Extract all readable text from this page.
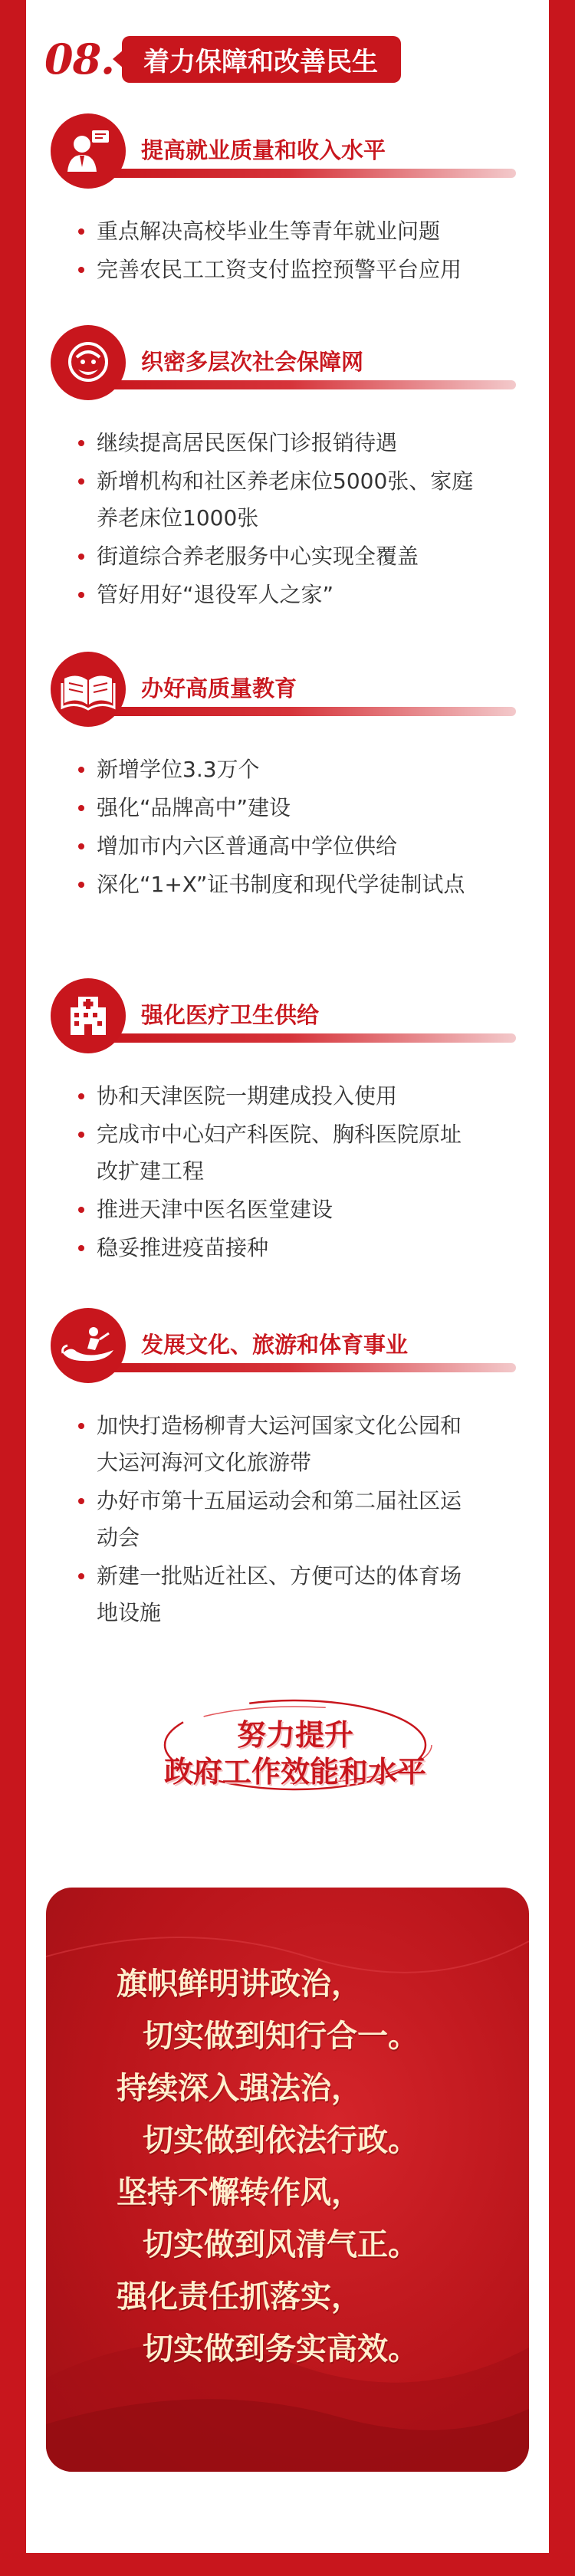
08.	着力保障和改善民生
提高就业质量和收入水平
重点解决高校毕业生等青年就业问题
完善农民工工资支付监控预警平台应用
织密多层次社会保障网
继续提高居民医保门诊报销待遇
新增机构和社区养老床位5000张、家庭养老床位1000张
街道综合养老服务中心实现全覆盖
管好用好“退役军人之家”
办好高质量教育
新增学位3.3万个
强化“品牌高中”建设
增加市内六区普通高中学位供给
深化“1+X”证书制度和现代学徒制试点
强化医疗卫生供给
协和天津医院一期建成投入使用
完成市中心妇产科医院、胸科医院原址改扩建工程
推进天津中医名医堂建设
稳妥推进疫苗接种
发展文化、旅游和体育事业
加快打造杨柳青大运河国家文化公园和大运河海河文化旅游带
办好市第十五届运动会和第二届社区运动会
新建一批贴近社区、方便可达的体育场地设施
努力提升
政府工作效能和水平
旗帜鲜明讲政治，
切实做到知行合一。
持续深入强法治，
切实做到依法行政。
坚持不懈转作风，
切实做到风清气正。
强化责任抓落实，
切实做到务实高效。
